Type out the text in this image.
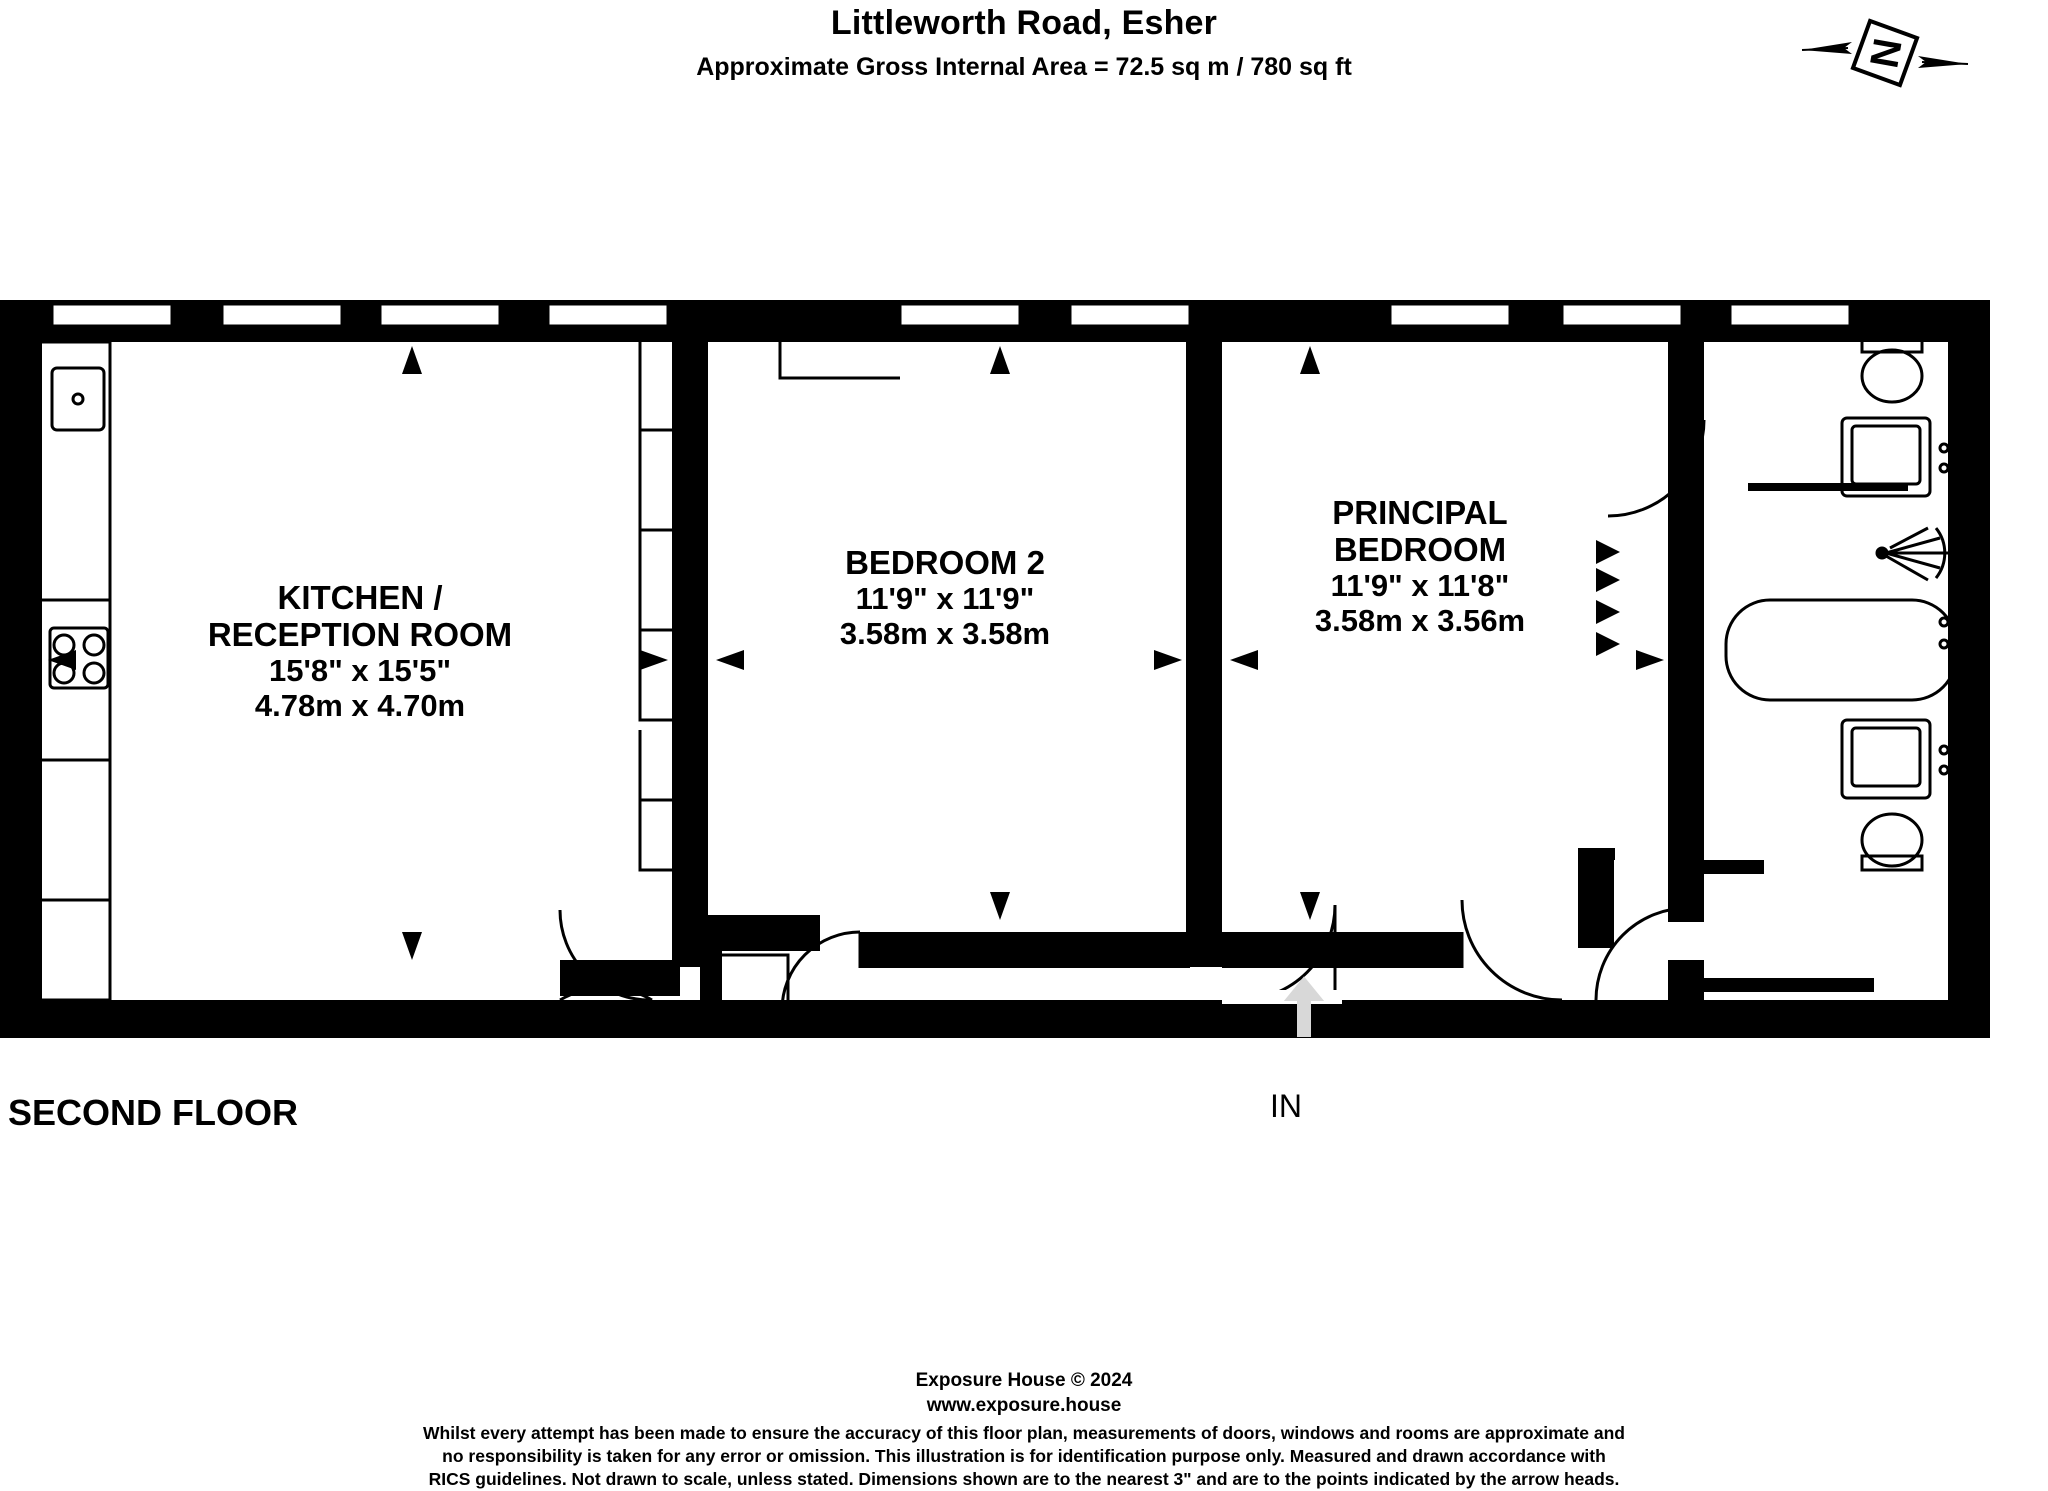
Littleworth Road, Esher
Approximate Gross Internal Area = 72.5 sq m / 780 sq ft	N
KITCHEN /
RECEPTION ROOM
15'8" x 15'5"
4.78m x 4.70m
BEDROOM 2
11'9" x 11'9"
3.58m x 3.58m
PRINCIPAL
BEDROOM
11'9" x 11'8"
3.58m x 3.56m
SECOND FLOOR	IN
Exposure House © 2024
www.exposure.house
Whilst every attempt has been made to ensure the accuracy of this floor plan, measurements of doors, windows and rooms are approximate and
no responsibility is taken for any error or omission. This illustration is for identification purpose only. Measured and drawn accordance with
RICS guidelines. Not drawn to scale, unless stated. Dimensions shown are to the nearest 3" and are to the points indicated by the arrow heads.
